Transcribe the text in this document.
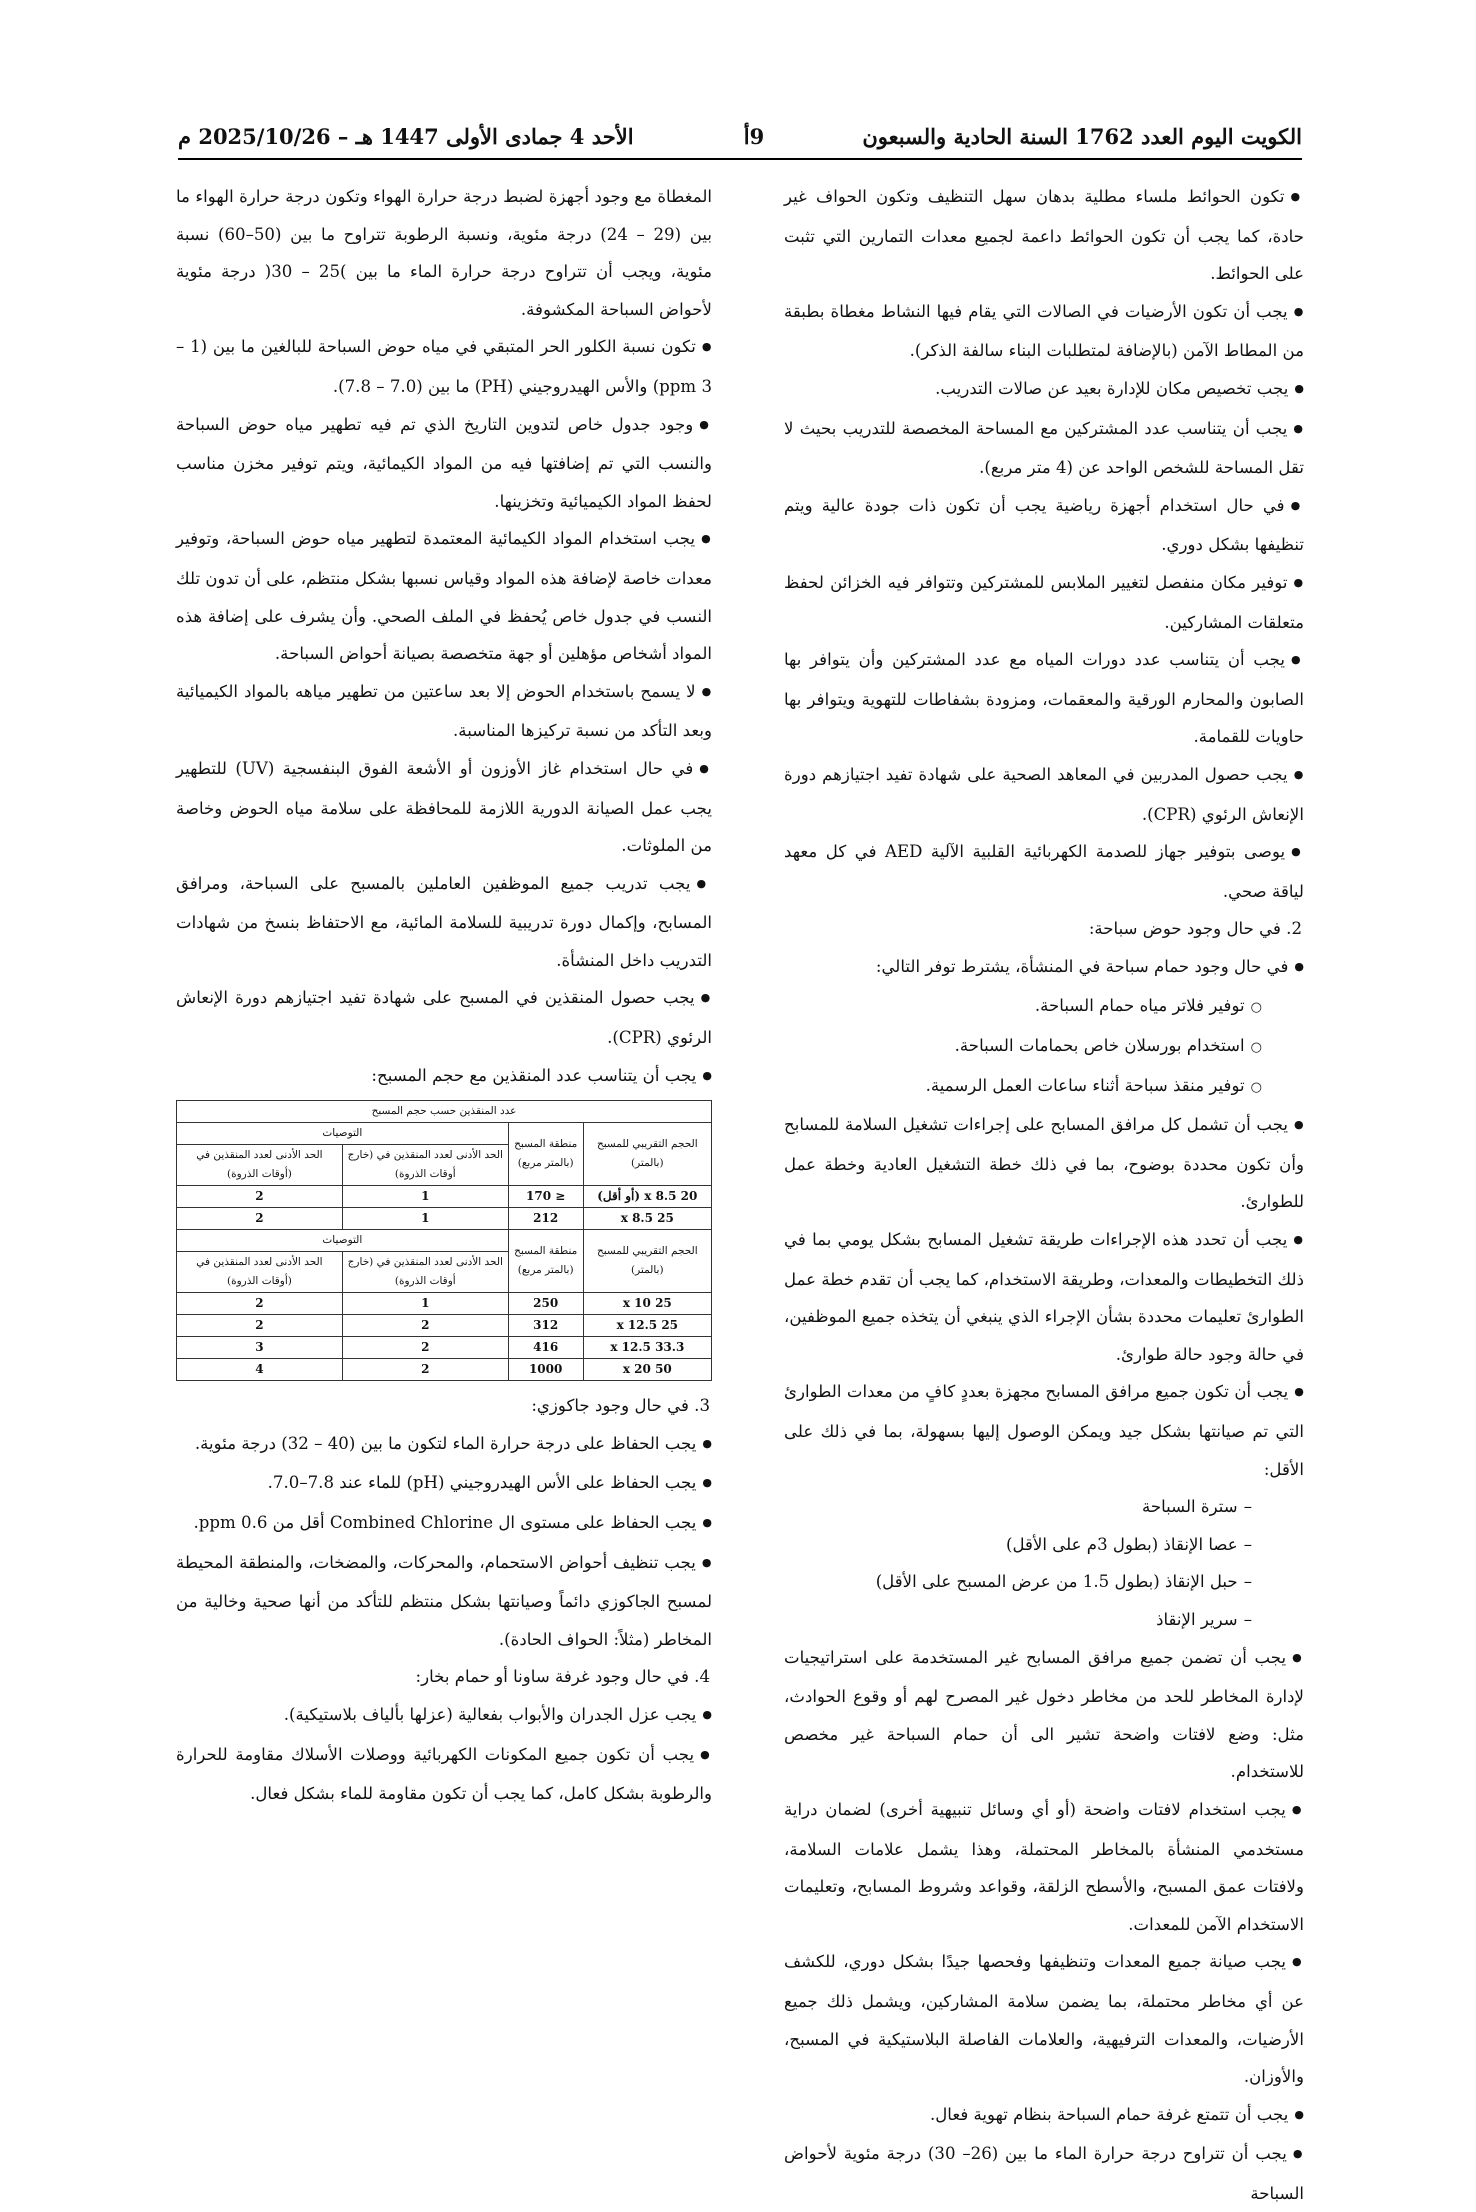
الكويت اليوم العدد 1762 السنة الحادية والسبعون
9أ
الأحد 4 جمادى الأولى 1447 هـ – 2025/10/26 م
● تكون الحوائط ملساء مطلية بدهان سهل التنظيف وتكون الحواف غير حادة، كما يجب أن تكون الحوائط داعمة لجميع معدات التمارين التي تثبت على الحوائط.
● يجب أن تكون الأرضيات في الصالات التي يقام فيها النشاط مغطاة بطبقة من المطاط الآمن (بالإضافة لمتطلبات البناء سالفة الذكر).
● يجب تخصيص مكان للإدارة بعيد عن صالات التدريب.
● يجب أن يتناسب عدد المشتركين مع المساحة المخصصة للتدريب بحيث لا تقل المساحة للشخص الواحد عن (4 متر مربع).
● في حال استخدام أجهزة رياضية يجب أن تكون ذات جودة عالية ويتم تنظيفها بشكل دوري.
● توفير مكان منفصل لتغيير الملابس للمشتركين وتتوافر فيه الخزائن لحفظ متعلقات المشاركين.
● يجب أن يتناسب عدد دورات المياه مع عدد المشتركين وأن يتوافر بها الصابون والمحارم الورقية والمعقمات، ومزودة بشفاطات للتهوية ويتوافر بها حاويات للقمامة.
● يجب حصول المدربين في المعاهد الصحية على شهادة تفيد اجتيازهم دورة الإنعاش الرئوي (CPR).
● يوصى بتوفير جهاز للصدمة الكهربائية القلبية الآلية AED في كل معهد لياقة صحي.
2. في حال وجود حوض سباحة:
● في حال وجود حمام سباحة في المنشأة، يشترط توفر التالي:
○ توفير فلاتر مياه حمام السباحة.
○ استخدام بورسلان خاص بحمامات السباحة.
○ توفير منقذ سباحة أثناء ساعات العمل الرسمية.
● يجب أن تشمل كل مرافق المسابح على إجراءات تشغيل السلامة للمسابح وأن تكون محددة بوضوح، بما في ذلك خطة التشغيل العادية وخطة عمل للطوارئ.
● يجب أن تحدد هذه الإجراءات طريقة تشغيل المسابح بشكل يومي بما في ذلك التخطيطات والمعدات، وطريقة الاستخدام، كما يجب أن تقدم خطة عمل الطوارئ تعليمات محددة بشأن الإجراء الذي ينبغي أن يتخذه جميع الموظفين، في حالة وجود حالة طوارئ.
● يجب أن تكون جميع مرافق المسابح مجهزة بعددٍ كافٍ من معدات الطوارئ التي تم صيانتها بشكل جيد ويمكن الوصول إليها بسهولة، بما في ذلك على الأقل:
– سترة السباحة
– عصا الإنقاذ (بطول 3م على الأقل)
– حبل الإنقاذ (بطول 1.5 من عرض المسبح على الأقل)
– سرير الإنقاذ
● يجب أن تضمن جميع مرافق المسابح غير المستخدمة على استراتيجيات لإدارة المخاطر للحد من مخاطر دخول غير المصرح لهم أو وقوع الحوادث، مثل: وضع لافتات واضحة تشير الى أن حمام السباحة غير مخصص للاستخدام.
● يجب استخدام لافتات واضحة (أو أي وسائل تنبيهية أخرى) لضمان دراية مستخدمي المنشأة بالمخاطر المحتملة، وهذا يشمل علامات السلامة، ولافتات عمق المسبح، والأسطح الزلقة، وقواعد وشروط المسابح، وتعليمات الاستخدام الآمن للمعدات.
● يجب صيانة جميع المعدات وتنظيفها وفحصها جيدًا بشكل دوري، للكشف عن أي مخاطر محتملة، بما يضمن سلامة المشاركين، ويشمل ذلك جميع الأرضيات، والمعدات الترفيهية، والعلامات الفاصلة البلاستيكية في المسبح، والأوزان.
● يجب أن تتمتع غرفة حمام السباحة بنظام تهوية فعال.
● يجب أن تتراوح درجة حرارة الماء ما بين (26– 30) درجة مئوية لأحواض السباحة
المغطاة مع وجود أجهزة لضبط درجة حرارة الهواء وتكون درجة حرارة الهواء ما بين (29 – 24) درجة مئوية، ونسبة الرطوبة تتراوح ما بين (50–60) نسبة مئوية، ويجب أن تتراوح درجة حرارة الماء ما بين )25 – 30( درجة مئوية لأحواض السباحة المكشوفة.
● تكون نسبة الكلور الحر المتبقي في مياه حوض السباحة للبالغين ما بين (1 – 3 ppm) والأس الهيدروجيني (PH) ما بين (7.0 – 7.8).
● وجود جدول خاص لتدوين التاريخ الذي تم فيه تطهير مياه حوض السباحة والنسب التي تم إضافتها فيه من المواد الكيمائية، ويتم توفير مخزن مناسب لحفظ المواد الكيميائية وتخزينها.
● يجب استخدام المواد الكيمائية المعتمدة لتطهير مياه حوض السباحة، وتوفير معدات خاصة لإضافة هذه المواد وقياس نسبها بشكل منتظم، على أن تدون تلك النسب في جدول خاص يُحفظ في الملف الصحي. وأن يشرف على إضافة هذه المواد أشخاص مؤهلين أو جهة متخصصة بصيانة أحواض السباحة.
● لا يسمح باستخدام الحوض إلا بعد ساعتين من تطهير مياهه بالمواد الكيميائية وبعد التأكد من نسبة تركيزها المناسبة.
● في حال استخدام غاز الأوزون أو الأشعة الفوق البنفسجية (UV) للتطهير يجب عمل الصيانة الدورية اللازمة للمحافظة على سلامة مياه الحوض وخاصة من الملوثات.
● يجب تدريب جميع الموظفين العاملين بالمسبح على السباحة، ومرافق المسابح، وإكمال دورة تدريبية للسلامة المائية، مع الاحتفاظ بنسخ من شهادات التدريب داخل المنشأة.
● يجب حصول المنقذين في المسبح على شهادة تفيد اجتيازهم دورة الإنعاش الرئوي (CPR).
● يجب أن يتناسب عدد المنقذين مع حجم المسبح:
عدد المنقذين حسب حجم المسبح			
الحجم التقريبي للمسبح (بالمتر)	منطقة المسبح (بالمتر مربع)	التوصيات	
		الحد الأدنى لعدد المنقذين في (خارج أوقات الذروة)	الحد الأدنى لعدد المنقذين في (أوقات الذروة)
20 x 8.5 (أو أقل)	≤ 170	1	2
25 x 8.5	212	1	2
الحجم التقريبي للمسبح (بالمتر)	منطقة المسبح (بالمتر مربع)	التوصيات	
		الحد الأدنى لعدد المنقذين في (خارج أوقات الذروة)	الحد الأدنى لعدد المنقذين في (أوقات الذروة)
25 x 10	250	1	2
25 x 12.5	312	2	2
33.3 x 12.5	416	2	3
50 x 20	1000	2	4
3. في حال وجود جاكوزي:
● يجب الحفاظ على درجة حرارة الماء لتكون ما بين (40 – 32) درجة مئوية.
● يجب الحفاظ على الأس الهيدروجيني (pH) للماء عند 7.8–7.0.
● يجب الحفاظ على مستوى ال Combined Chlorine أقل من 0.6 ppm.
● يجب تنظيف أحواض الاستحمام، والمحركات، والمضخات، والمنطقة المحيطة لمسبح الجاكوزي دائماً وصيانتها بشكل منتظم للتأكد من أنها صحية وخالية من المخاطر (مثلاً: الحواف الحادة).
4. في حال وجود غرفة ساونا أو حمام بخار:
● يجب عزل الجدران والأبواب بفعالية (عزلها بألياف بلاستيكية).
● يجب أن تكون جميع المكونات الكهربائية ووصلات الأسلاك مقاومة للحرارة والرطوبة بشكل كامل، كما يجب أن تكون مقاومة للماء بشكل فعال.
